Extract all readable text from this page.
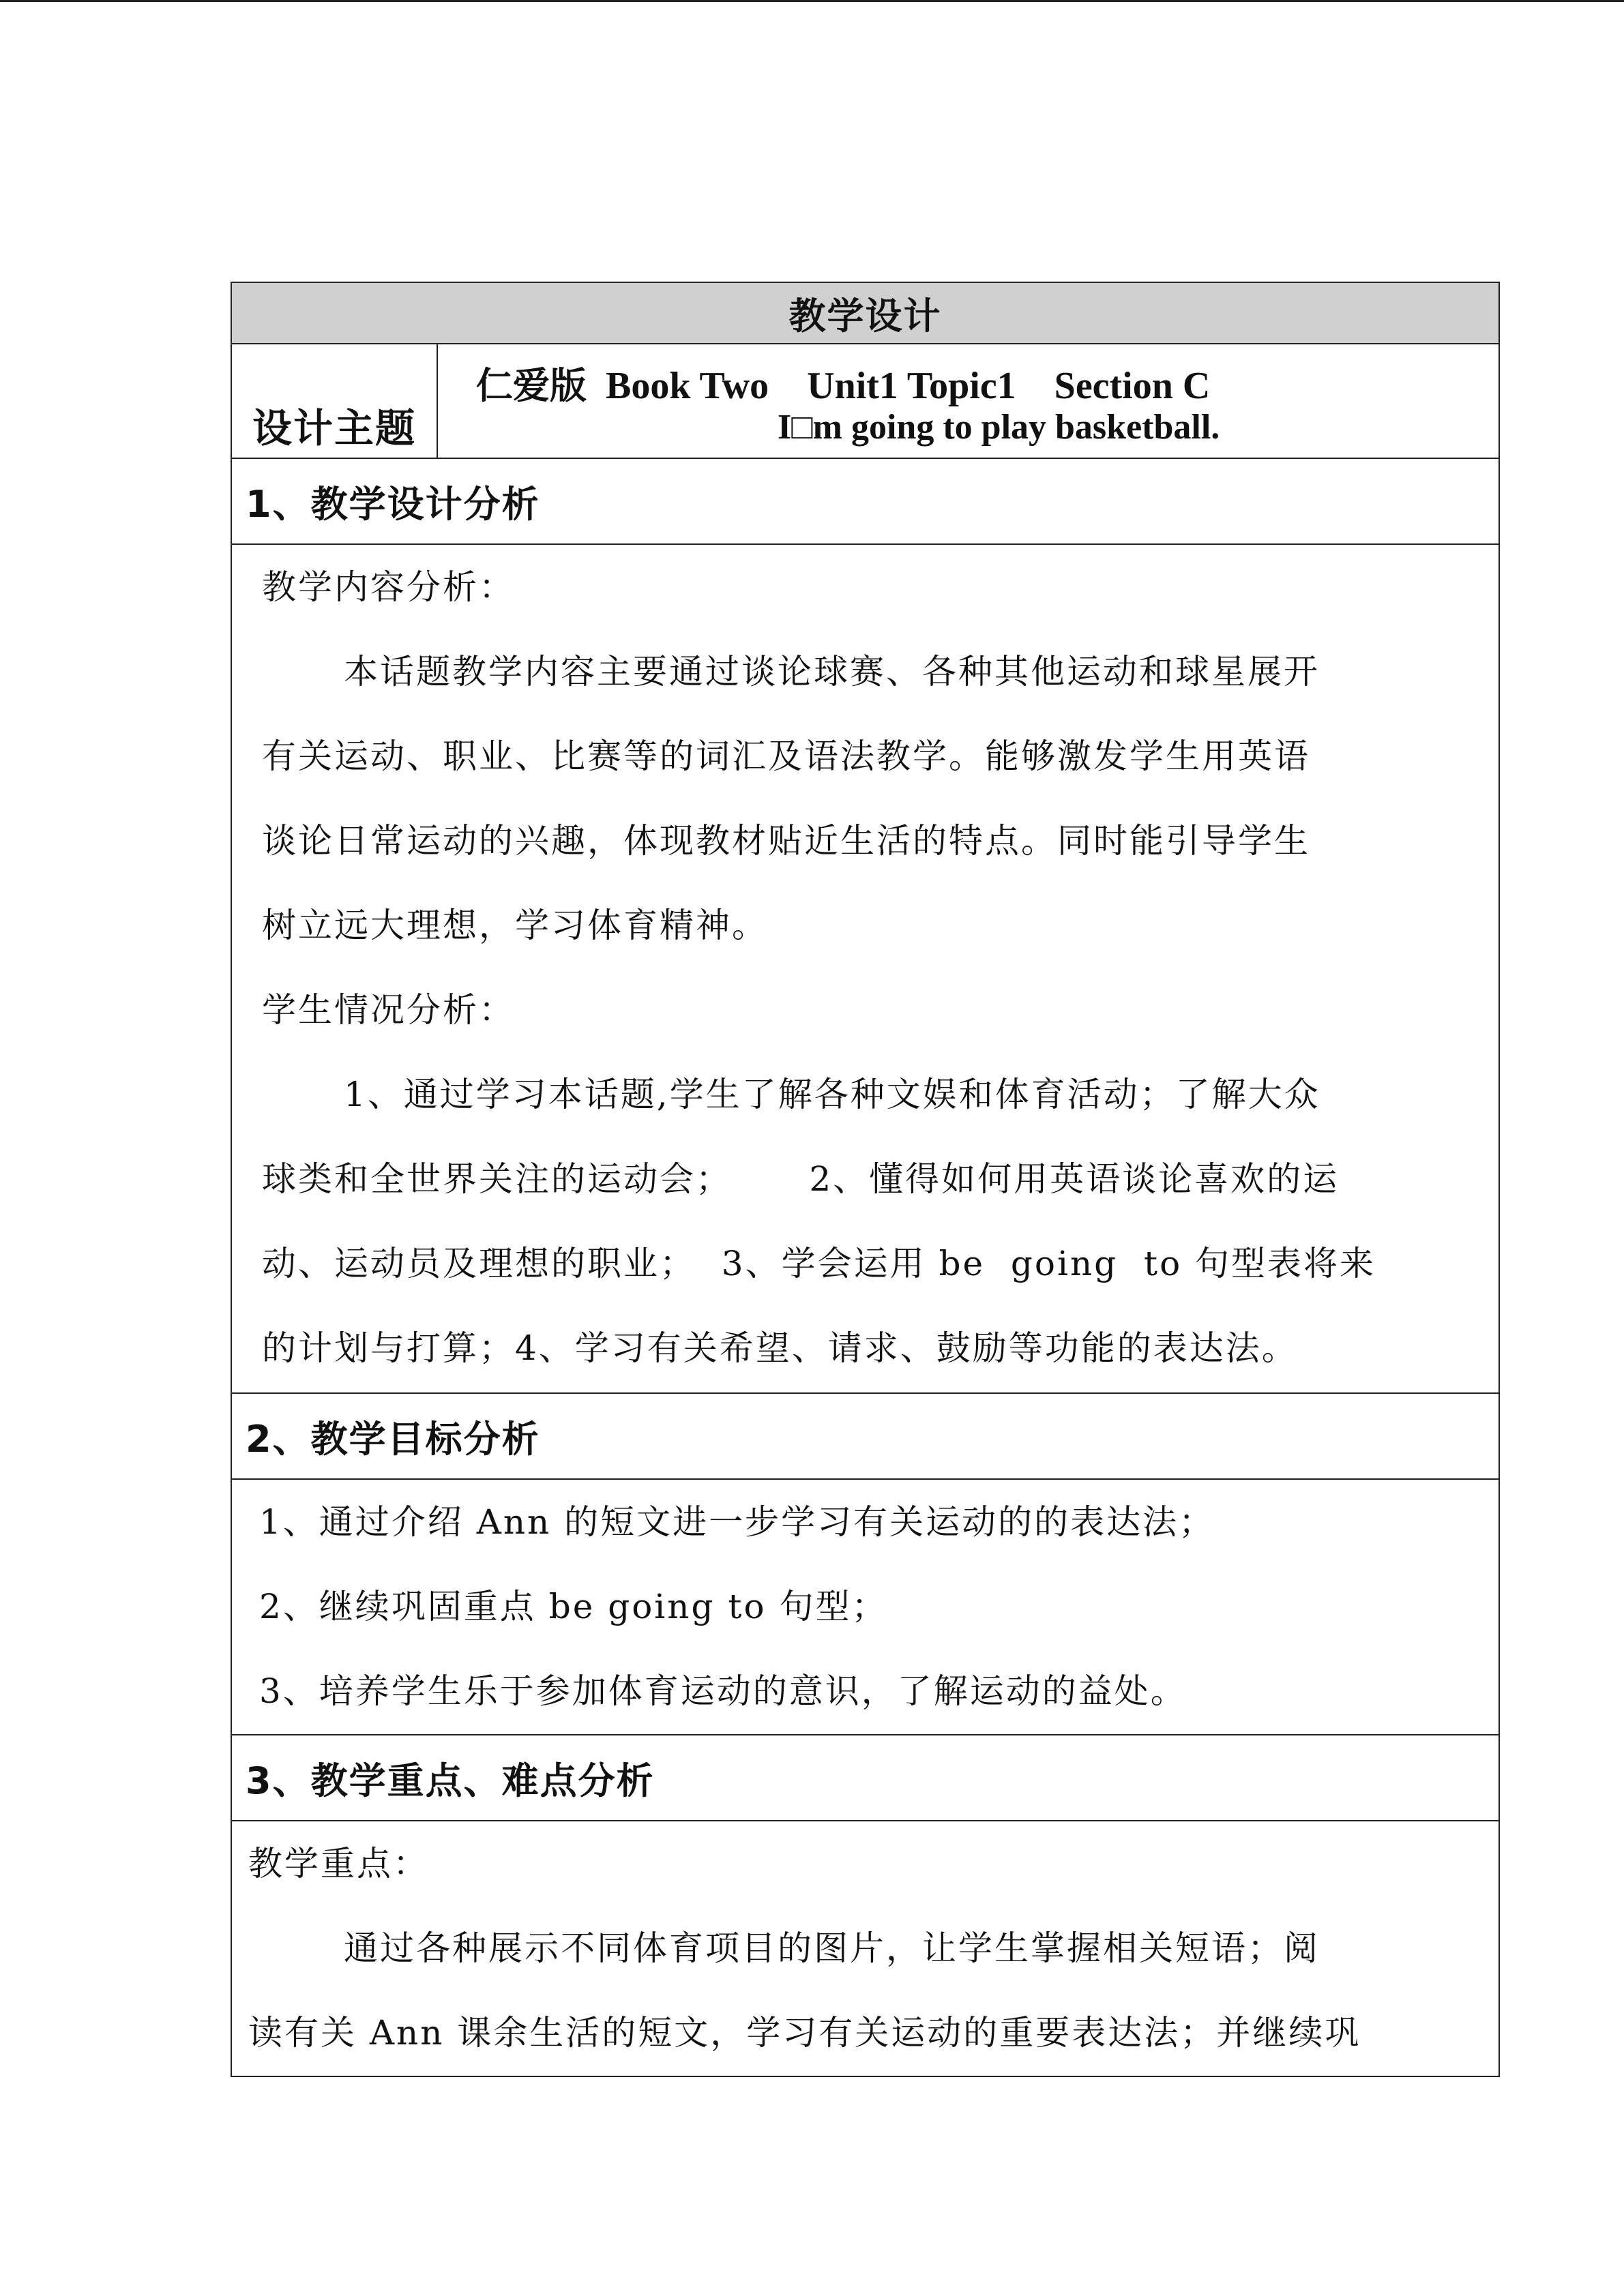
教学设计

设计主题

仁爱版  Book Two    Unit1 Topic1    Section C
I□m going to play basketball.

1、教学设计分析

教学内容分析：

本话题教学内容主要通过谈论球赛、各种其他运动和球星展开

有关运动、职业、比赛等的词汇及语法教学。能够激发学生用英语

谈论日常运动的兴趣，体现教材贴近生活的特点。同时能引导学生

树立远大理想，学习体育精神。

学生情况分析：

1、通过学习本话题,学生了解各种文娱和体育活动；了解大众

球类和全世界关注的运动会；      2、懂得如何用英语谈论喜欢的运

动、运动员及理想的职业；  3、学会运用 be  going  to 句型表将来

的计划与打算；4、学习有关希望、请求、鼓励等功能的表达法。

2、教学目标分析

1、通过介绍 Ann 的短文进一步学习有关运动的的表达法；

2、继续巩固重点 be going to 句型；

3、培养学生乐于参加体育运动的意识，了解运动的益处。

3、教学重点、难点分析

教学重点：

通过各种展示不同体育项目的图片，让学生掌握相关短语；阅

读有关 Ann 课余生活的短文，学习有关运动的重要表达法；并继续巩
